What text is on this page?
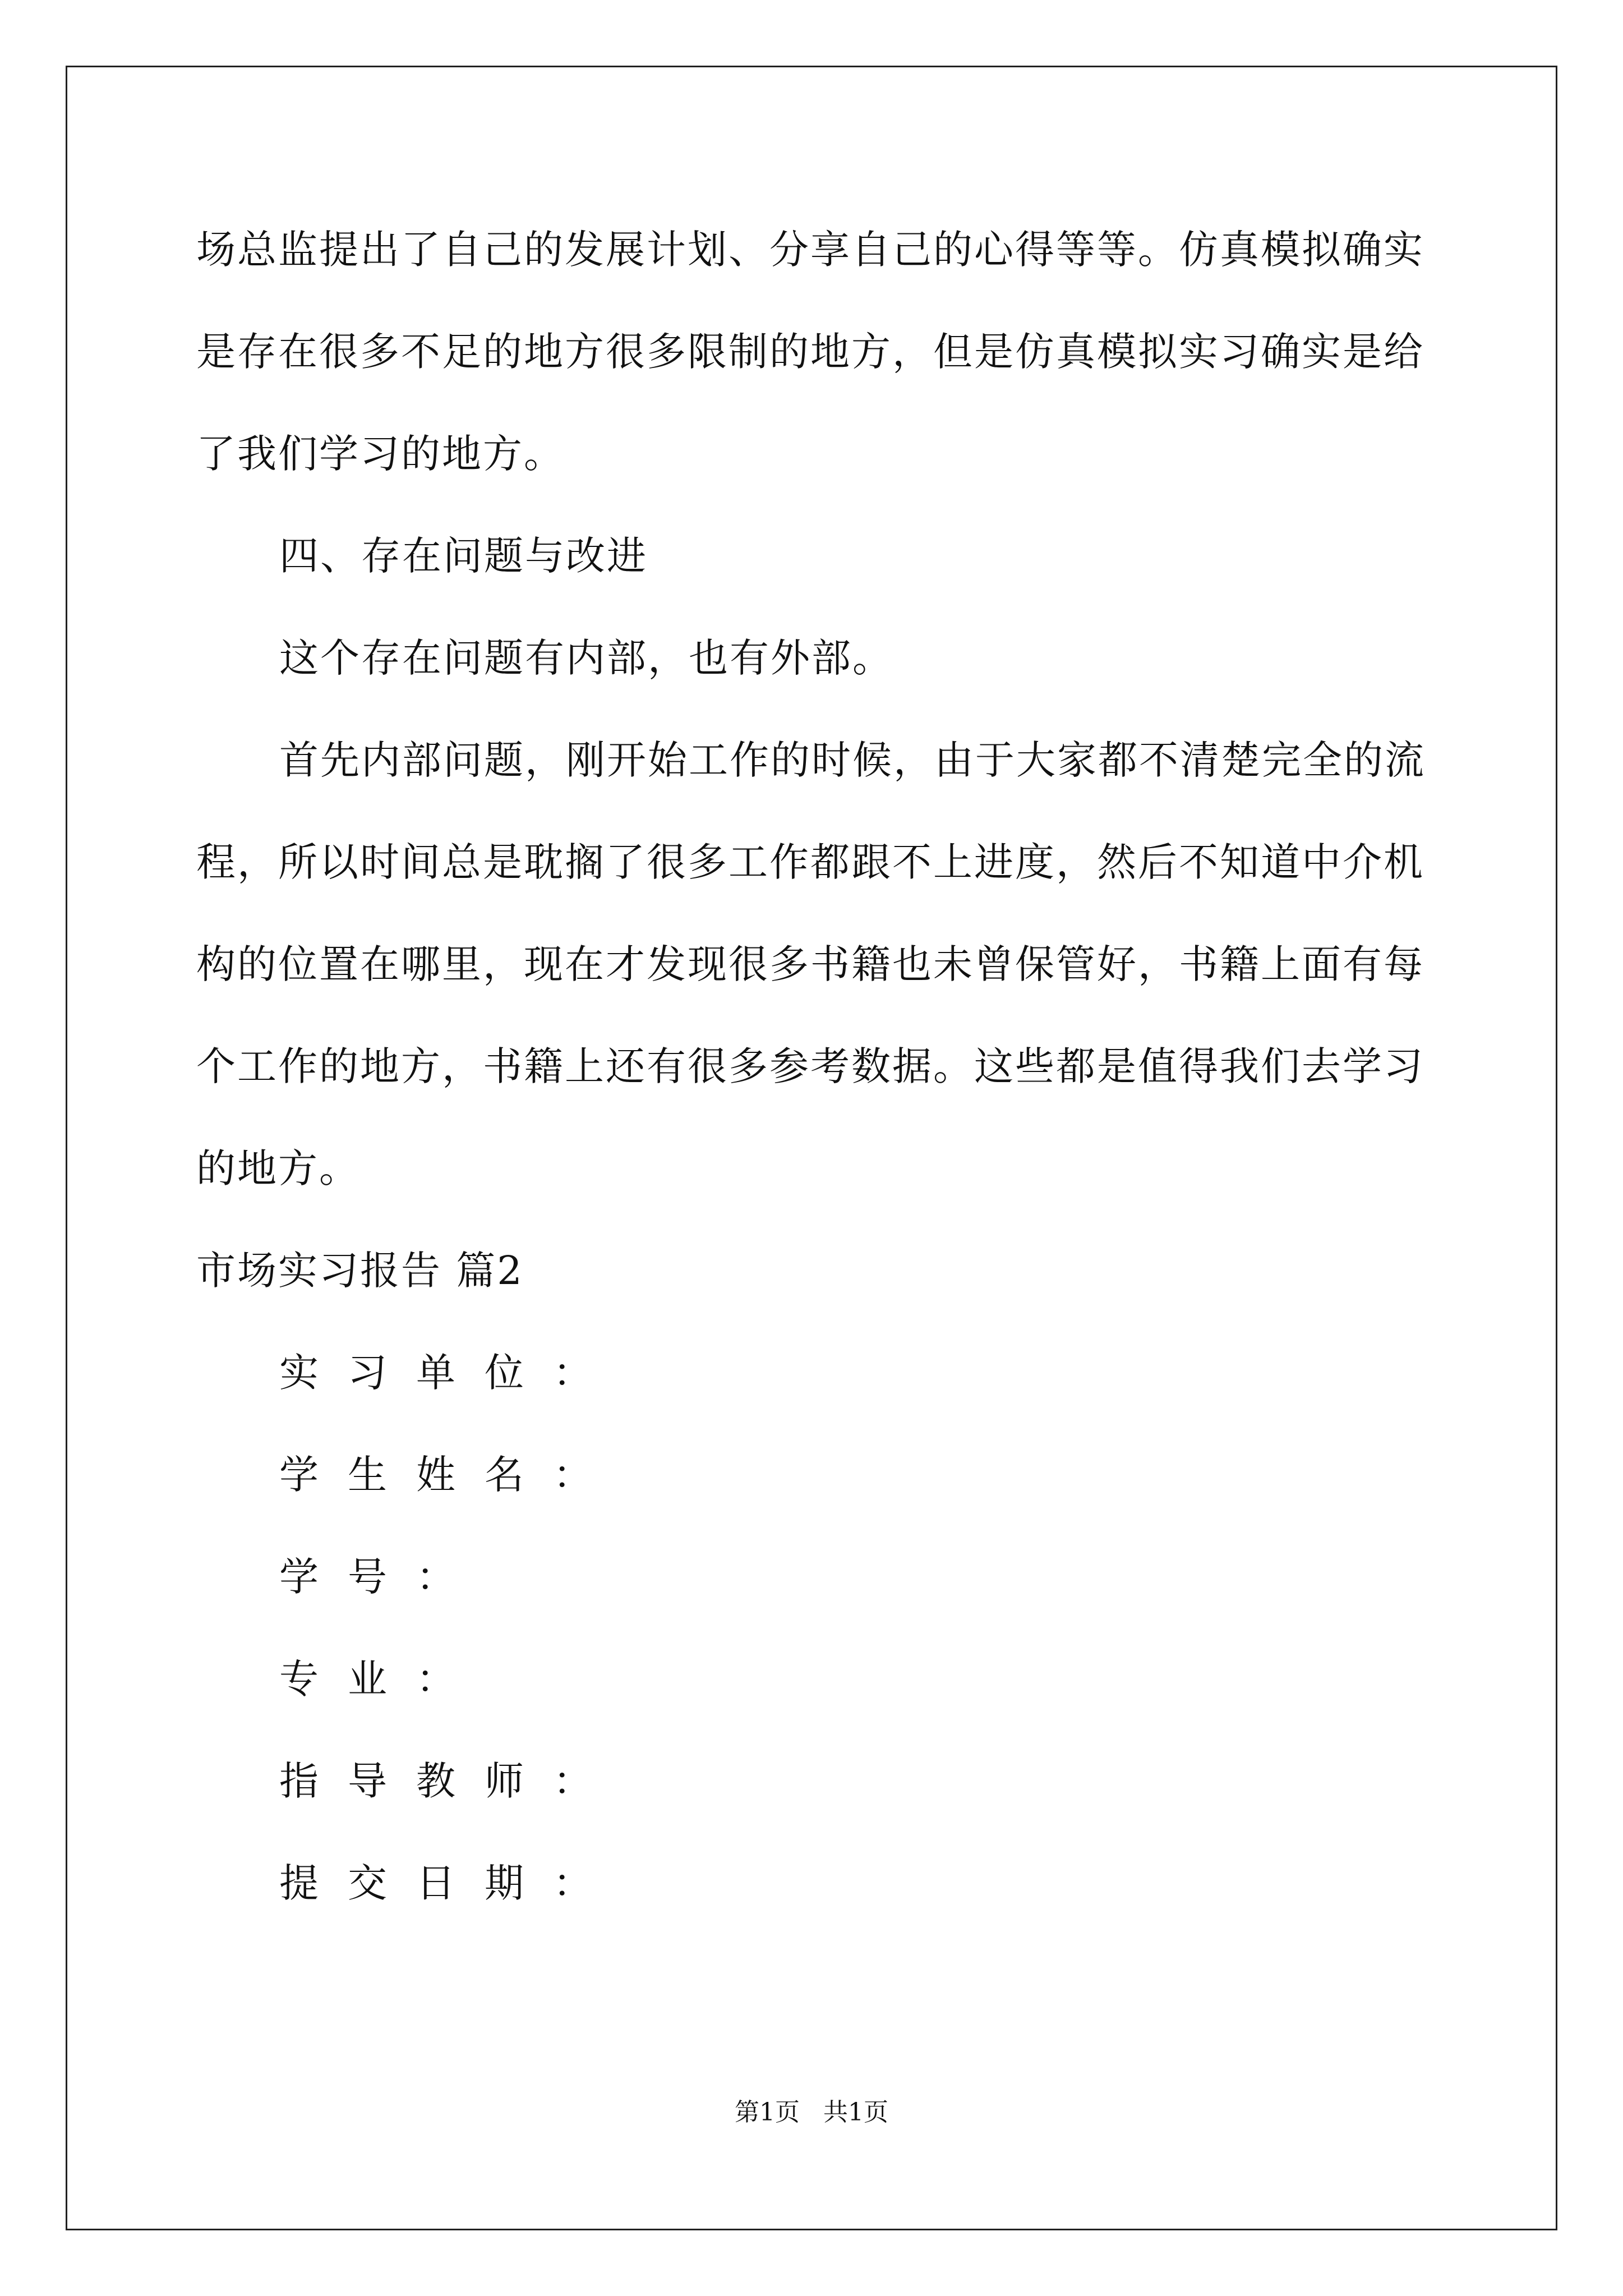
场总监提出了自己的发展计划、分享自己的心得等等。仿真模拟确实

是存在很多不足的地方很多限制的地方，但是仿真模拟实习确实是给

了我们学习的地方。

四、存在问题与改进

这个存在问题有内部，也有外部。

首先内部问题，刚开始工作的时候，由于大家都不清楚完全的流

程，所以时间总是耽搁了很多工作都跟不上进度，然后不知道中介机

构的位置在哪里，现在才发现很多书籍也未曾保管好，书籍上面有每

个工作的地方，书籍上还有很多参考数据。这些都是值得我们去学习

的地方。

市场实习报告 篇2

实习单位：

学生姓名：

学号：

专业：

指导教师：

提交日期：

第1页 共1页
